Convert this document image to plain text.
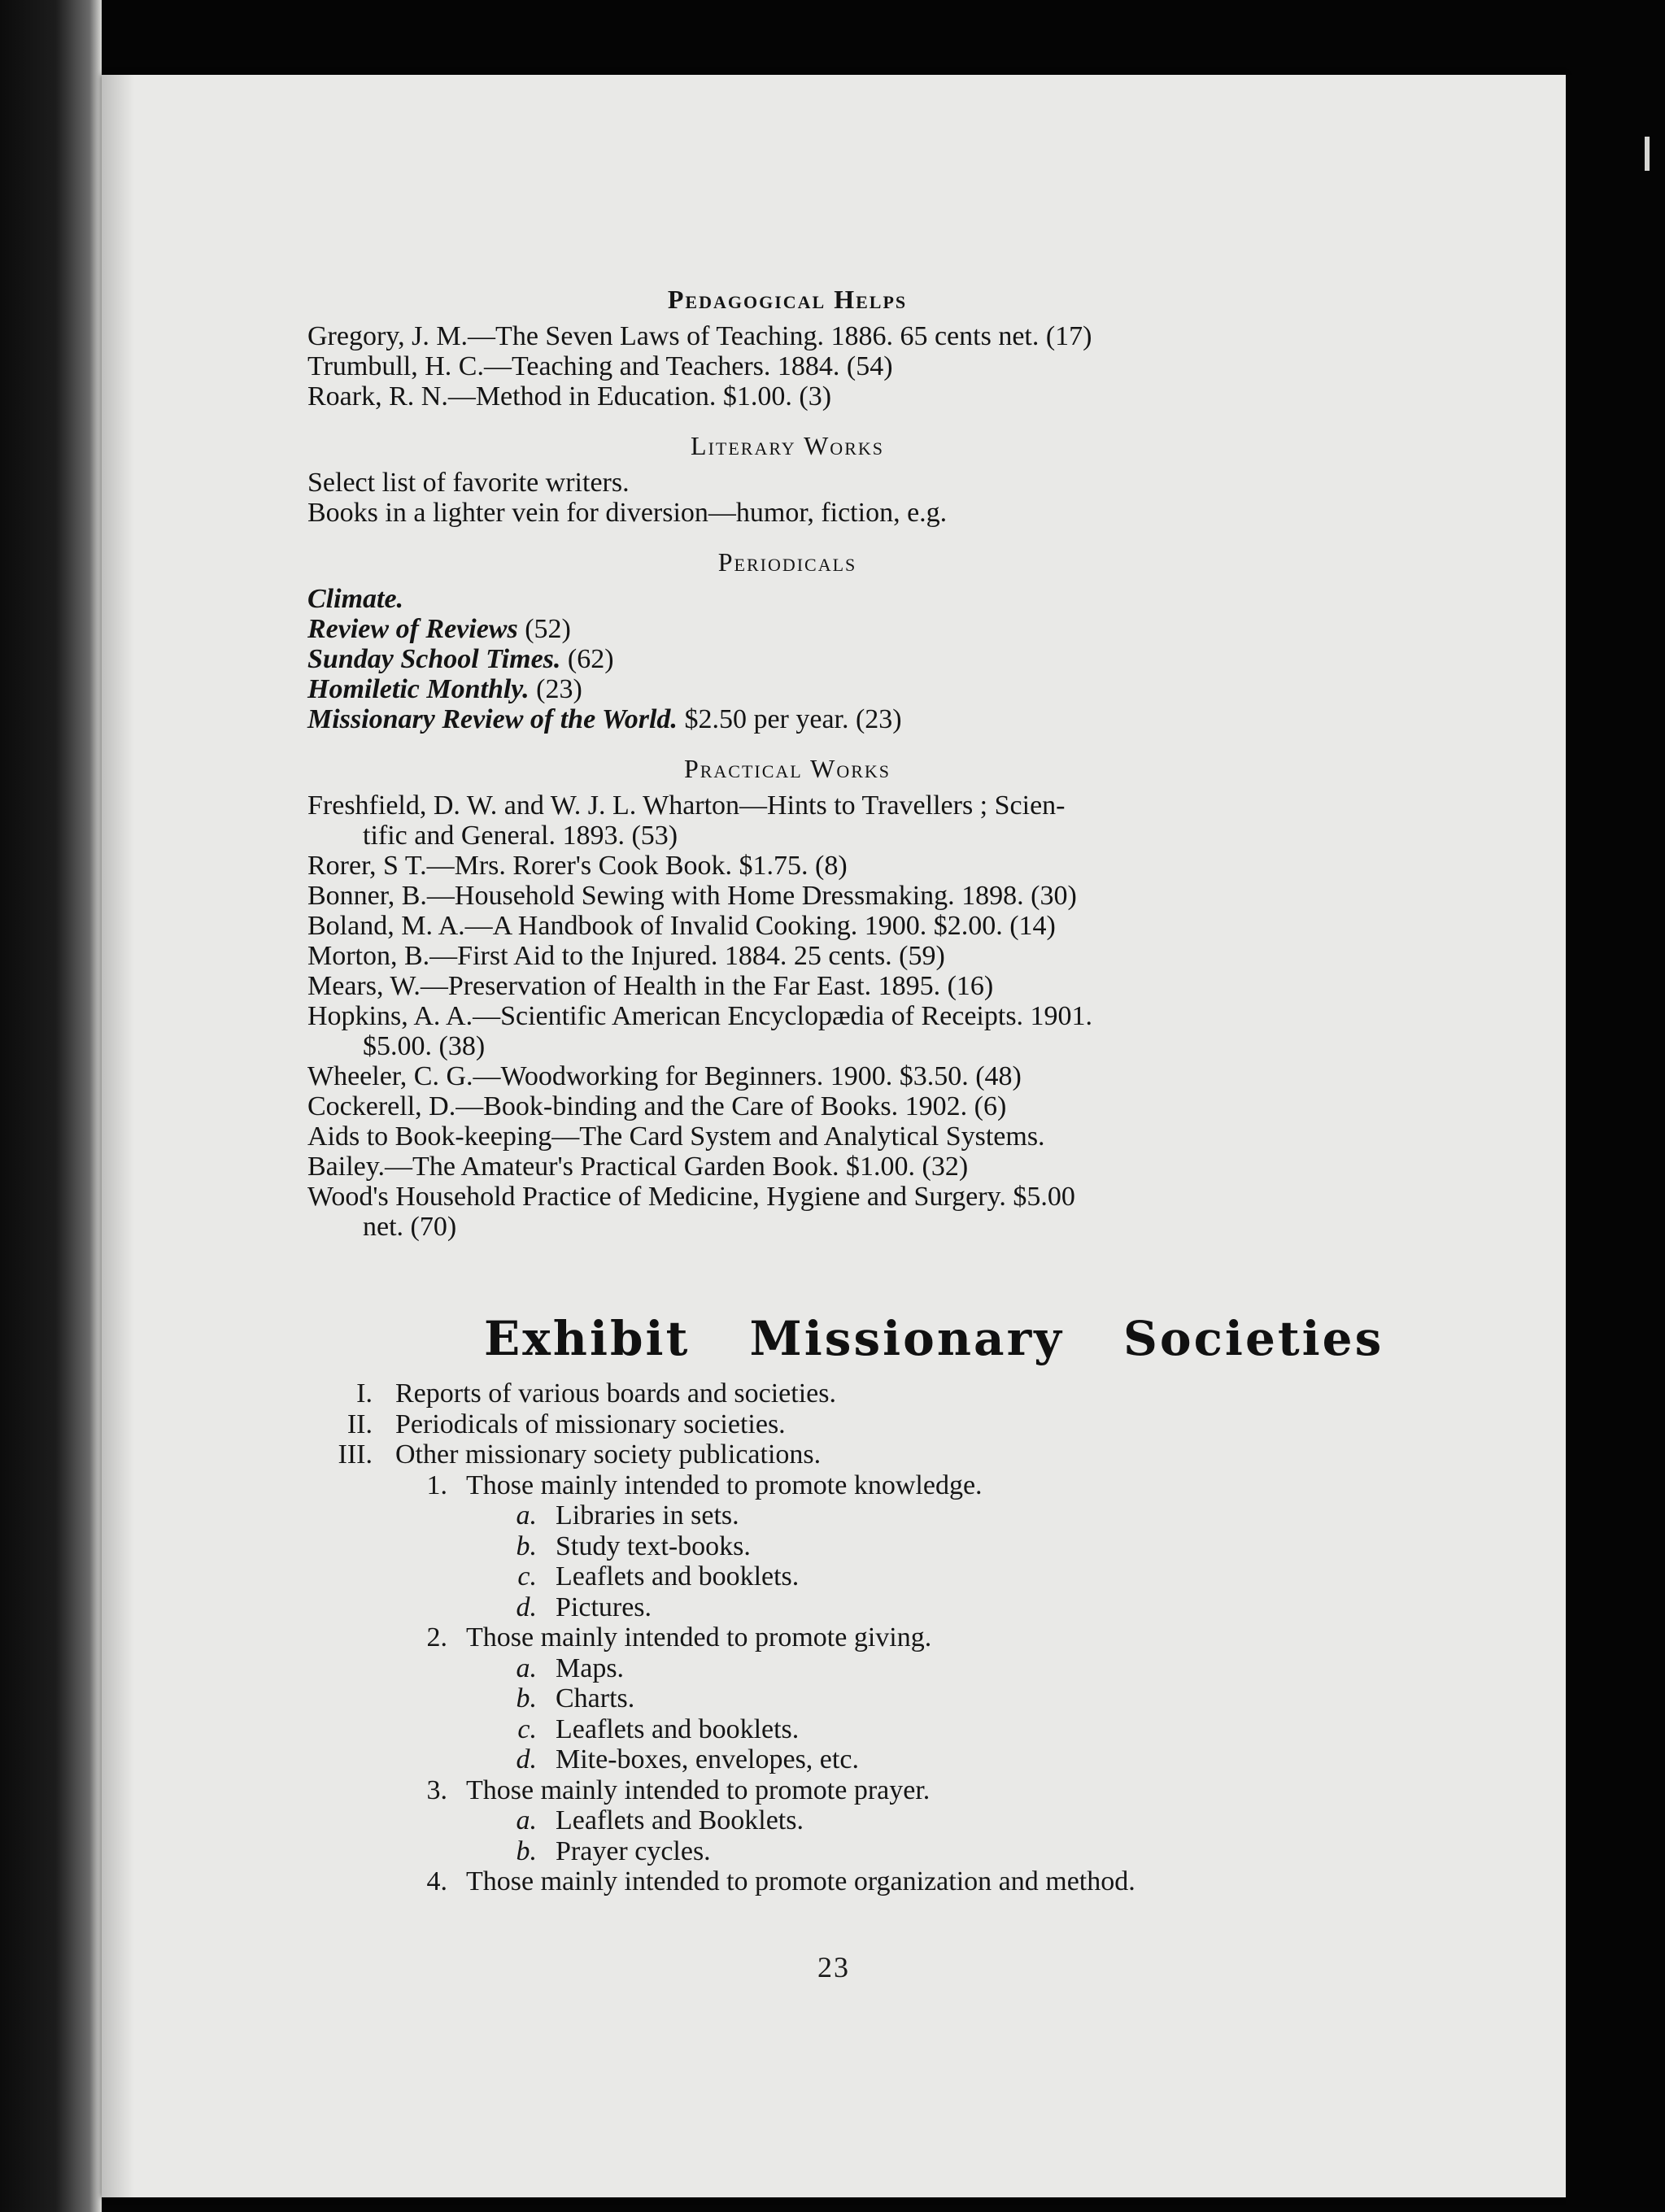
Pedagogical Helps
Gregory, J. M.—The Seven Laws of Teaching. 1886. 65 cents net. (17)
Trumbull, H. C.—Teaching and Teachers. 1884. (54)
Roark, R. N.—Method in Education. $1.00. (3)
Literary Works
Select list of favorite writers.
Books in a lighter vein for diversion—humor, fiction, e.g.
Periodicals
Climate.
Review of Reviews (52)
Sunday School Times. (62)
Homiletic Monthly. (23)
Missionary Review of the World. $2.50 per year. (23)
Practical Works
Freshfield, D. W. and W. J. L. Wharton—Hints to Travellers ; Scien-
tific and General. 1893. (53)
Rorer, S T.—Mrs. Rorer's Cook Book. $1.75. (8)
Bonner, B.—Household Sewing with Home Dressmaking. 1898. (30)
Boland, M. A.—A Handbook of Invalid Cooking. 1900. $2.00. (14)
Morton, B.—First Aid to the Injured. 1884. 25 cents. (59)
Mears, W.—Preservation of Health in the Far East. 1895. (16)
Hopkins, A. A.—Scientific American Encyclopædia of Receipts. 1901.
$5.00. (38)
Wheeler, C. G.—Woodworking for Beginners. 1900. $3.50. (48)
Cockerell, D.—Book-binding and the Care of Books. 1902. (6)
Aids to Book-keeping—The Card System and Analytical Systems.
Bailey.—The Amateur's Practical Garden Book. $1.00. (32)
Wood's Household Practice of Medicine, Hygiene and Surgery. $5.00
net. (70)
Exhibit Missionary Societies
I. Reports of various boards and societies.
II. Periodicals of missionary societies.
III. Other missionary society publications.
1. Those mainly intended to promote knowledge.
a. Libraries in sets.
b. Study text-books.
c. Leaflets and booklets.
d. Pictures.
2. Those mainly intended to promote giving.
a. Maps.
b. Charts.
c. Leaflets and booklets.
d. Mite-boxes, envelopes, etc.
3. Those mainly intended to promote prayer.
a. Leaflets and Booklets.
b. Prayer cycles.
4. Those mainly intended to promote organization and method.
23
